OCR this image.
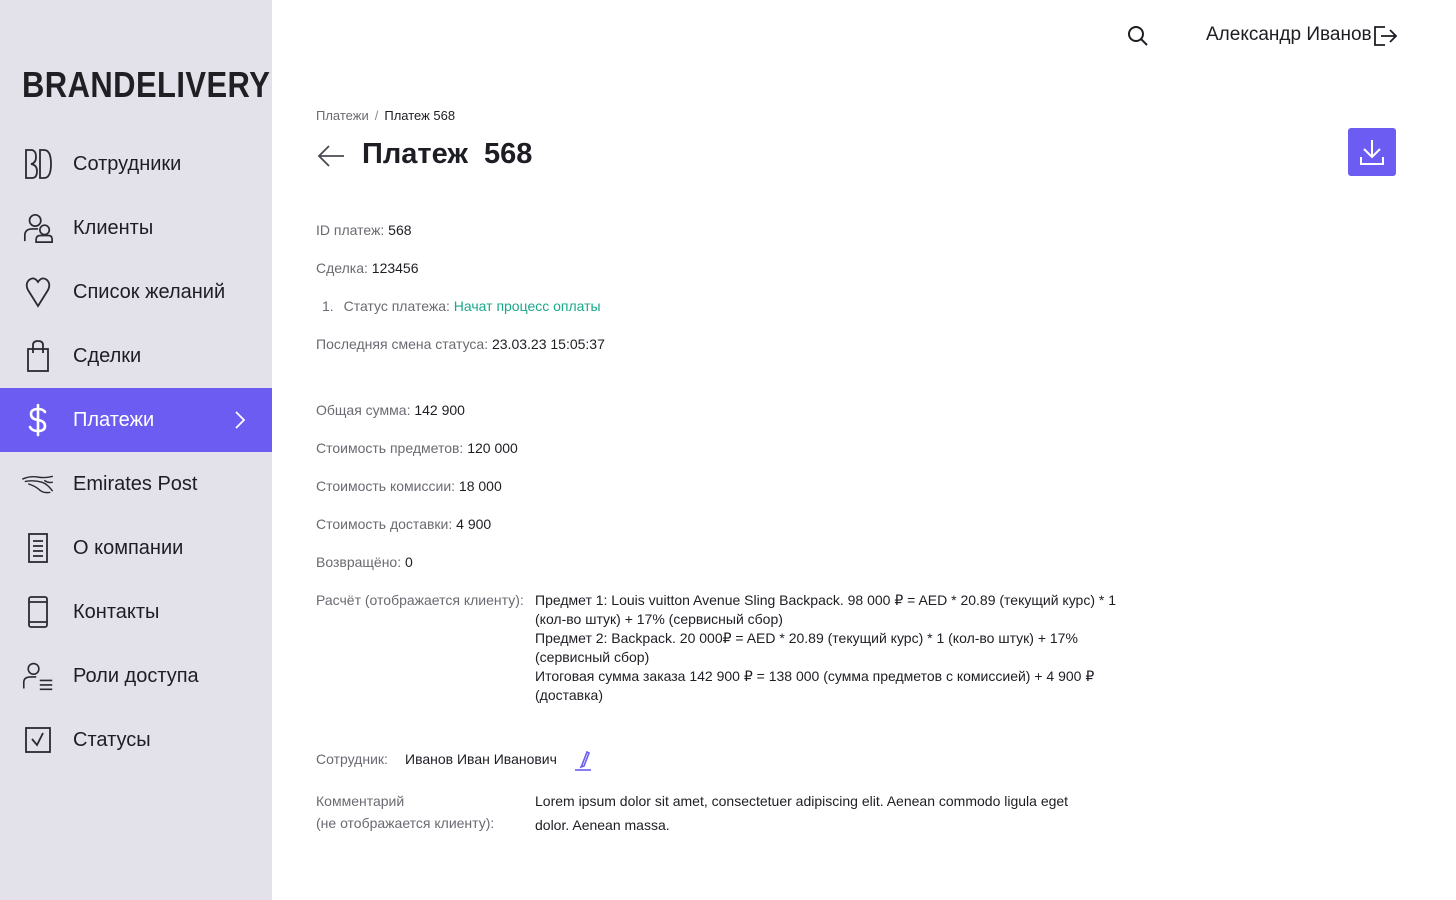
BRANDELIVERY
Сотрудники
Клиенты
Список желаний
Сделки
Платежи
Emirates Post
О компании
Контакты
Роли доступа
Статусы
Александр Иванов
Платежи / Платеж 568
Платеж  568
ID платеж: 568
Сделка: 123456
1. Статус платежа: Начат процесс оплаты
Последняя смена статуса: 23.03.23 15:05:37
Общая сумма: 142 900
Стоимость предметов: 120 000
Стоимость комиссии: 18 000
Стоимость доставки: 4 900
Возвращёно: 0
Расчёт (отображается клиенту): Предмет 1: Louis vuitton Avenue Sling Backpack. 98 000 ₽ = AED * 20.89 (текущий курс) * 1 (кол-во штук) + 17% (сервисный сбор)
Предмет 2: Backpack. 20 000₽ = AED * 20.89 (текущий курс) * 1 (кол-во штук) + 17% (сервисный сбор)
Итоговая сумма заказа 142 900 ₽ = 138 000 (сумма предметов с комиссией) + 4 900 ₽ (доставка)
Сотрудник: Иванов Иван Иванович
Комментарий
(не отображается клиенту):
Lorem ipsum dolor sit amet, consectetuer adipiscing elit. Aenean commodo ligula eget dolor. Aenean massa.
